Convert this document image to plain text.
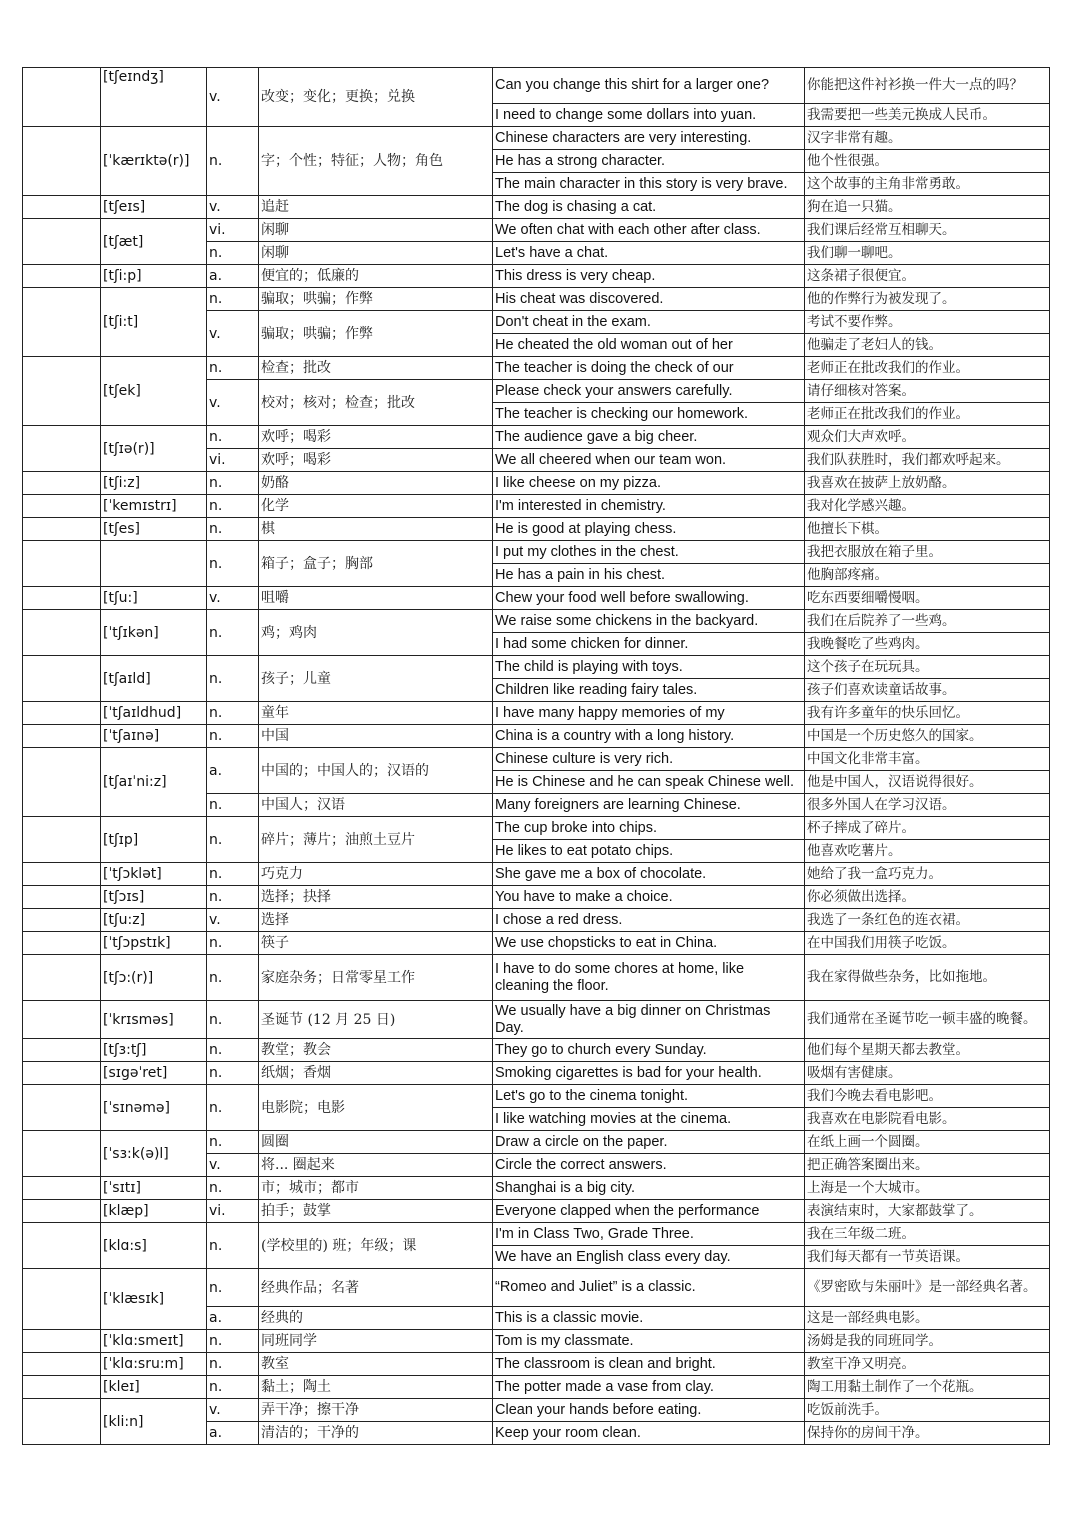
	[tʃeɪndʒ]	v.	改变；变化；更换；兑换	Can you change this shirt for a larger one?	你能把这件衬衫换一件大一点的吗？
				I need to change some dollars into yuan.	我需要把一些美元换成人民币。
	[ˈkærɪktə(r)]	n.	字；个性；特征；人物；角色	Chinese characters are very interesting.	汉字非常有趣。
				He has a strong character.	他个性很强。
				The main character in this story is very brave.	这个故事的主角非常勇敢。
	[tʃeɪs]	v.	追赶	The dog is chasing a cat.	狗在追一只猫。
	[tʃæt]	vi.	闲聊	We often chat with each other after class.	我们课后经常互相聊天。
		n.	闲聊	Let's have a chat.	我们聊一聊吧。
	[tʃi:p]	a.	便宜的；低廉的	This dress is very cheap.	这条裙子很便宜。
	[tʃi:t]	n.	骗取；哄骗；作弊	His cheat was discovered.	他的作弊行为被发现了。
		v.	骗取；哄骗；作弊	Don't cheat in the exam.	考试不要作弊。
				He cheated the old woman out of her	他骗走了老妇人的钱。
	[tʃek]	n.	检查；批改	The teacher is doing the check of our	老师正在批改我们的作业。
		v.	校对；核对；检查；批改	Please check your answers carefully.	请仔细核对答案。
				The teacher is checking our homework.	老师正在批改我们的作业。
	[tʃɪə(r)]	n.	欢呼；喝彩	The audience gave a big cheer.	观众们大声欢呼。
		vi.	欢呼；喝彩	We all cheered when our team won.	我们队获胜时，我们都欢呼起来。
	[tʃi:z]	n.	奶酪	I like cheese on my pizza.	我喜欢在披萨上放奶酪。
	[ˈkemɪstrɪ]	n.	化学	I'm interested in chemistry.	我对化学感兴趣。
	[tʃes]	n.	棋	He is good at playing chess.	他擅长下棋。
		n.	箱子；盒子；胸部	I put my clothes in the chest.	我把衣服放在箱子里。
				He has a pain in his chest.	他胸部疼痛。
	[tʃu:]	v.	咀嚼	Chew your food well before swallowing.	吃东西要细嚼慢咽。
	[ˈtʃɪkən]	n.	鸡；鸡肉	We raise some chickens in the backyard.	我们在后院养了一些鸡。
				I had some chicken for dinner.	我晚餐吃了些鸡肉。
	[tʃaɪld]	n.	孩子；儿童	The child is playing with toys.	这个孩子在玩玩具。
				Children like reading fairy tales.	孩子们喜欢读童话故事。
	[ˈtʃaɪldhud]	n.	童年	I have many happy memories of my	我有许多童年的快乐回忆。
	[ˈtʃaɪnə]	n.	中国	China is a country with a long history.	中国是一个历史悠久的国家。
	[tʃaɪˈni:z]	a.	中国的；中国人的；汉语的	Chinese culture is very rich.	中国文化非常丰富。
				He is Chinese and he can speak Chinese well.	他是中国人，汉语说得很好。
		n.	中国人；汉语	Many foreigners are learning Chinese.	很多外国人在学习汉语。
	[tʃɪp]	n.	碎片；薄片；油煎土豆片	The cup broke into chips.	杯子摔成了碎片。
				He likes to eat potato chips.	他喜欢吃薯片。
	[ˈtʃɔklət]	n.	巧克力	She gave me a box of chocolate.	她给了我一盒巧克力。
	[tʃɔɪs]	n.	选择；抉择	You have to make a choice.	你必须做出选择。
	[tʃu:z]	v.	选择	I chose a red dress.	我选了一条红色的连衣裙。
	[ˈtʃɔpstɪk]	n.	筷子	We use chopsticks to eat in China.	在中国我们用筷子吃饭。
	[tʃɔ:(r)]	n.	家庭杂务；日常零星工作	I have to do some chores at home, like cleaning the floor.	我在家得做些杂务，比如拖地。
	[ˈkrɪsməs]	n.	圣诞节 (12 月 25 日)	We usually have a big dinner on Christmas Day.	我们通常在圣诞节吃一顿丰盛的晚餐。
	[tʃɜ:tʃ]	n.	教堂；教会	They go to church every Sunday.	他们每个星期天都去教堂。
	[sɪgəˈret]	n.	纸烟；香烟	Smoking cigarettes is bad for your health.	吸烟有害健康。
	[ˈsɪnəmə]	n.	电影院；电影	Let's go to the cinema tonight.	我们今晚去看电影吧。
				I like watching movies at the cinema.	我喜欢在电影院看电影。
	[ˈsɜ:k(ə)l]	n.	圆圈	Draw a circle on the paper.	在纸上画一个圆圈。
		v.	将... 圈起来	Circle the correct answers.	把正确答案圈出来。
	[ˈsɪtɪ]	n.	市；城市；都市	Shanghai is a big city.	上海是一个大城市。
	[klæp]	vi.	拍手；鼓掌	Everyone clapped when the performance	表演结束时，大家都鼓掌了。
	[klɑ:s]	n.	(学校里的) 班；年级；课	I'm in Class Two, Grade Three.	我在三年级二班。
				We have an English class every day.	我们每天都有一节英语课。
	[ˈklæsɪk]	n.	经典作品；名著	“Romeo and Juliet” is a classic.	《罗密欧与朱丽叶》是一部经典名著。
		a.	经典的	This is a classic movie.	这是一部经典电影。
	[ˈklɑ:smeɪt]	n.	同班同学	Tom is my classmate.	汤姆是我的同班同学。
	[ˈklɑ:sru:m]	n.	教室	The classroom is clean and bright.	教室干净又明亮。
	[kleɪ]	n.	黏土；陶土	The potter made a vase from clay.	陶工用黏土制作了一个花瓶。
	[kli:n]	v.	弄干净；擦干净	Clean your hands before eating.	吃饭前洗手。
		a.	清洁的；干净的	Keep your room clean.	保持你的房间干净。
